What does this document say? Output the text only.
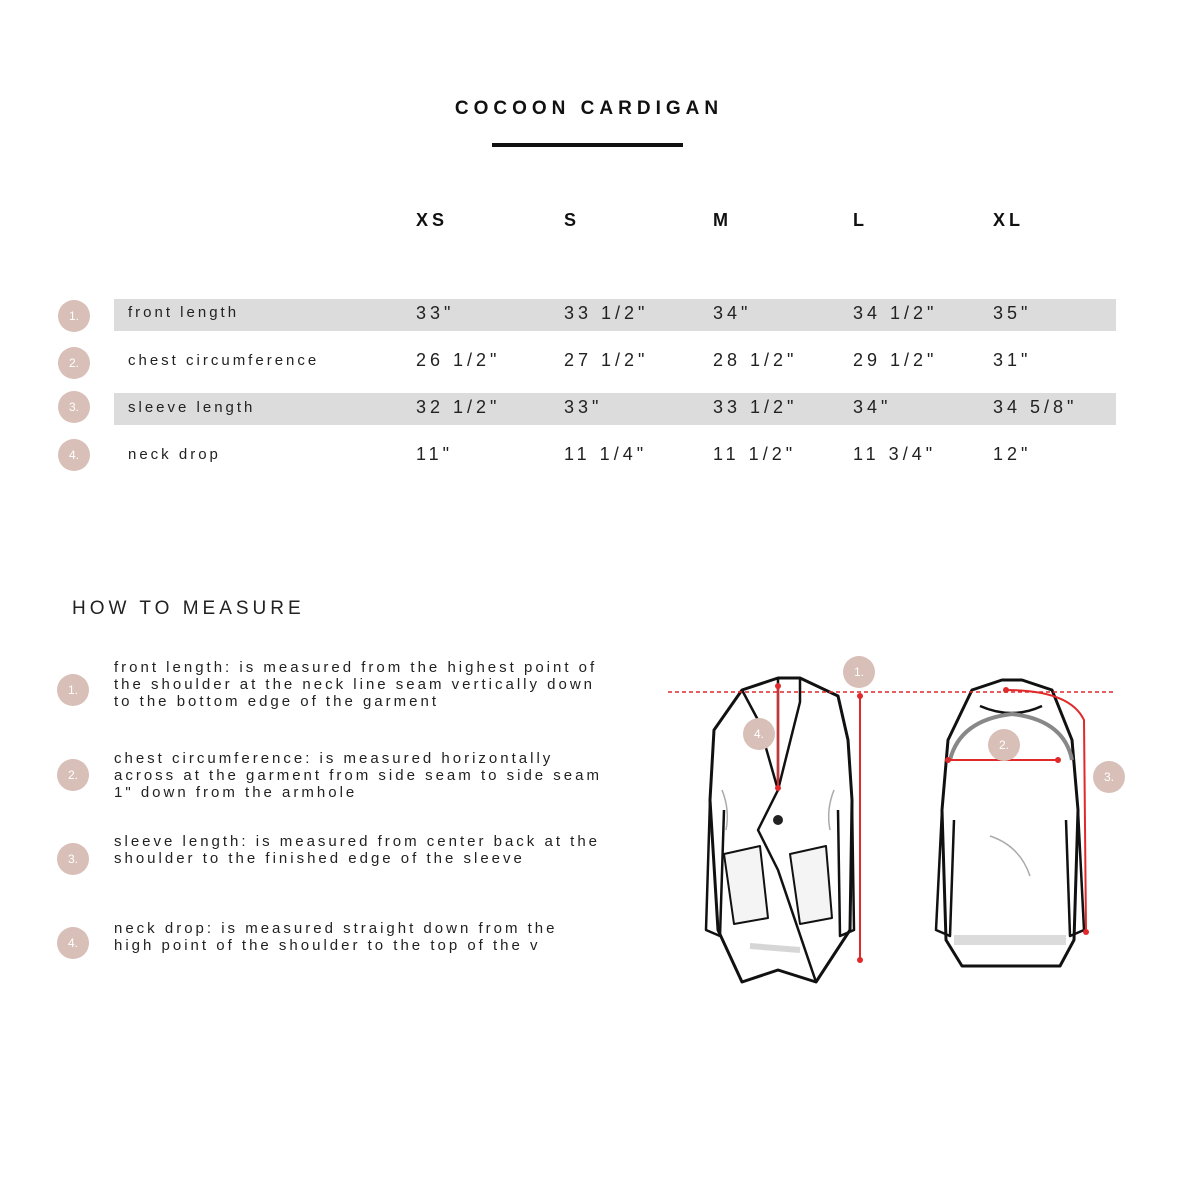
COCOON CARDIGAN
XS	S	M	L	XL
1.	front length	33"	33 1/2"	34"	34 1/2"	35"
2.	chest circumference	26 1/2"	27 1/2"	28 1/2"	29 1/2"	31"
3.	sleeve length	32 1/2"	33"	33 1/2"	34"	34 5/8"
4.	neck drop	11"	11 1/4"	11 1/2"	11 3/4"	12"
HOW TO MEASURE
1.
front length: is measured from the highest point of the shoulder at the neck line seam vertically down to the bottom edge of the garment
2.
chest circumference: is measured horizontally across at the garment from side seam to side seam 1" down from the armhole
3.
sleeve length: is measured from center back at the shoulder to the finished edge of the sleeve
4.
neck drop: is measured straight down from the high point of the shoulder to the top of the v
1.
2.
3.
4.
